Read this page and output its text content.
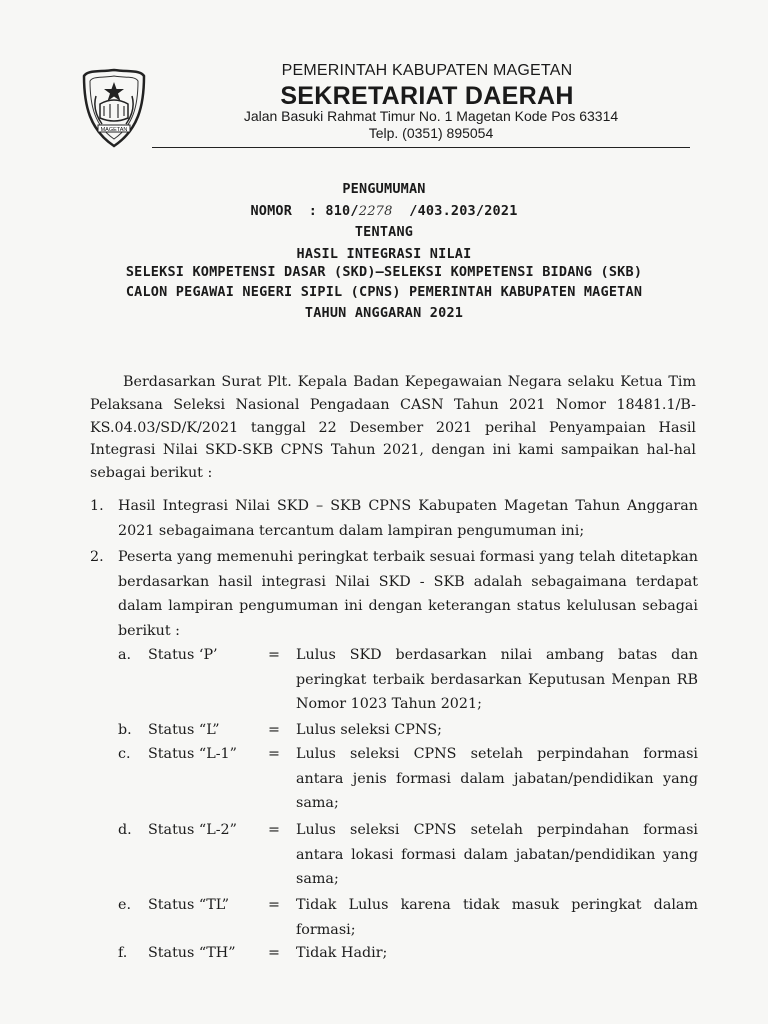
MAGETAN
PEMERINTAH KABUPATEN MAGETAN
SEKRETARIAT DAERAH
Jalan Basuki Rahmat Timur No. 1 Magetan Kode Pos 63314
Telp. (0351) 895054
PENGUMUMAN
NOMOR : 810/2278 /403.203/2021
TENTANG
HASIL INTEGRASI NILAI
SELEKSI KOMPETENSI DASAR (SKD)–SELEKSI KOMPETENSI BIDANG (SKB)
CALON PEGAWAI NEGERI SIPIL (CPNS) PEMERINTAH KABUPATEN MAGETAN
TAHUN ANGGARAN 2021
Berdasarkan Surat Plt. Kepala Badan Kepegawaian Negara selaku Ketua Tim Pelaksana Seleksi Nasional Pengadaan CASN Tahun 2021 Nomor 18481.1/B-KS.04.03/SD/K/2021 tanggal 22 Desember 2021 perihal Penyampaian Hasil Integrasi Nilai SKD-SKB CPNS Tahun 2021, dengan ini kami sampaikan hal-hal sebagai berikut :
1. Hasil Integrasi Nilai SKD – SKB CPNS Kabupaten Magetan Tahun Anggaran 2021 sebagaimana tercantum dalam lampiran pengumuman ini;
2. Peserta yang memenuhi peringkat terbaik sesuai formasi yang telah ditetapkan berdasarkan hasil integrasi Nilai SKD - SKB adalah sebagaimana terdapat dalam lampiran pengumuman ini dengan keterangan status kelulusan sebagai berikut :
a. Status ‘P’	= Lulus SKD berdasarkan nilai ambang batas dan peringkat terbaik berdasarkan Keputusan Menpan RB Nomor 1023 Tahun 2021;
b. Status “L”	= Lulus seleksi CPNS;
c. Status “L-1” = Lulus seleksi CPNS setelah perpindahan formasi antara jenis formasi dalam jabatan/pendidikan yang sama;
d. Status “L-2” = Lulus seleksi CPNS setelah perpindahan formasi antara lokasi formasi dalam jabatan/pendidikan yang sama;
e. Status “TL”	= Tidak Lulus karena tidak masuk peringkat dalam formasi;
f. Status “TH” = Tidak Hadir;
